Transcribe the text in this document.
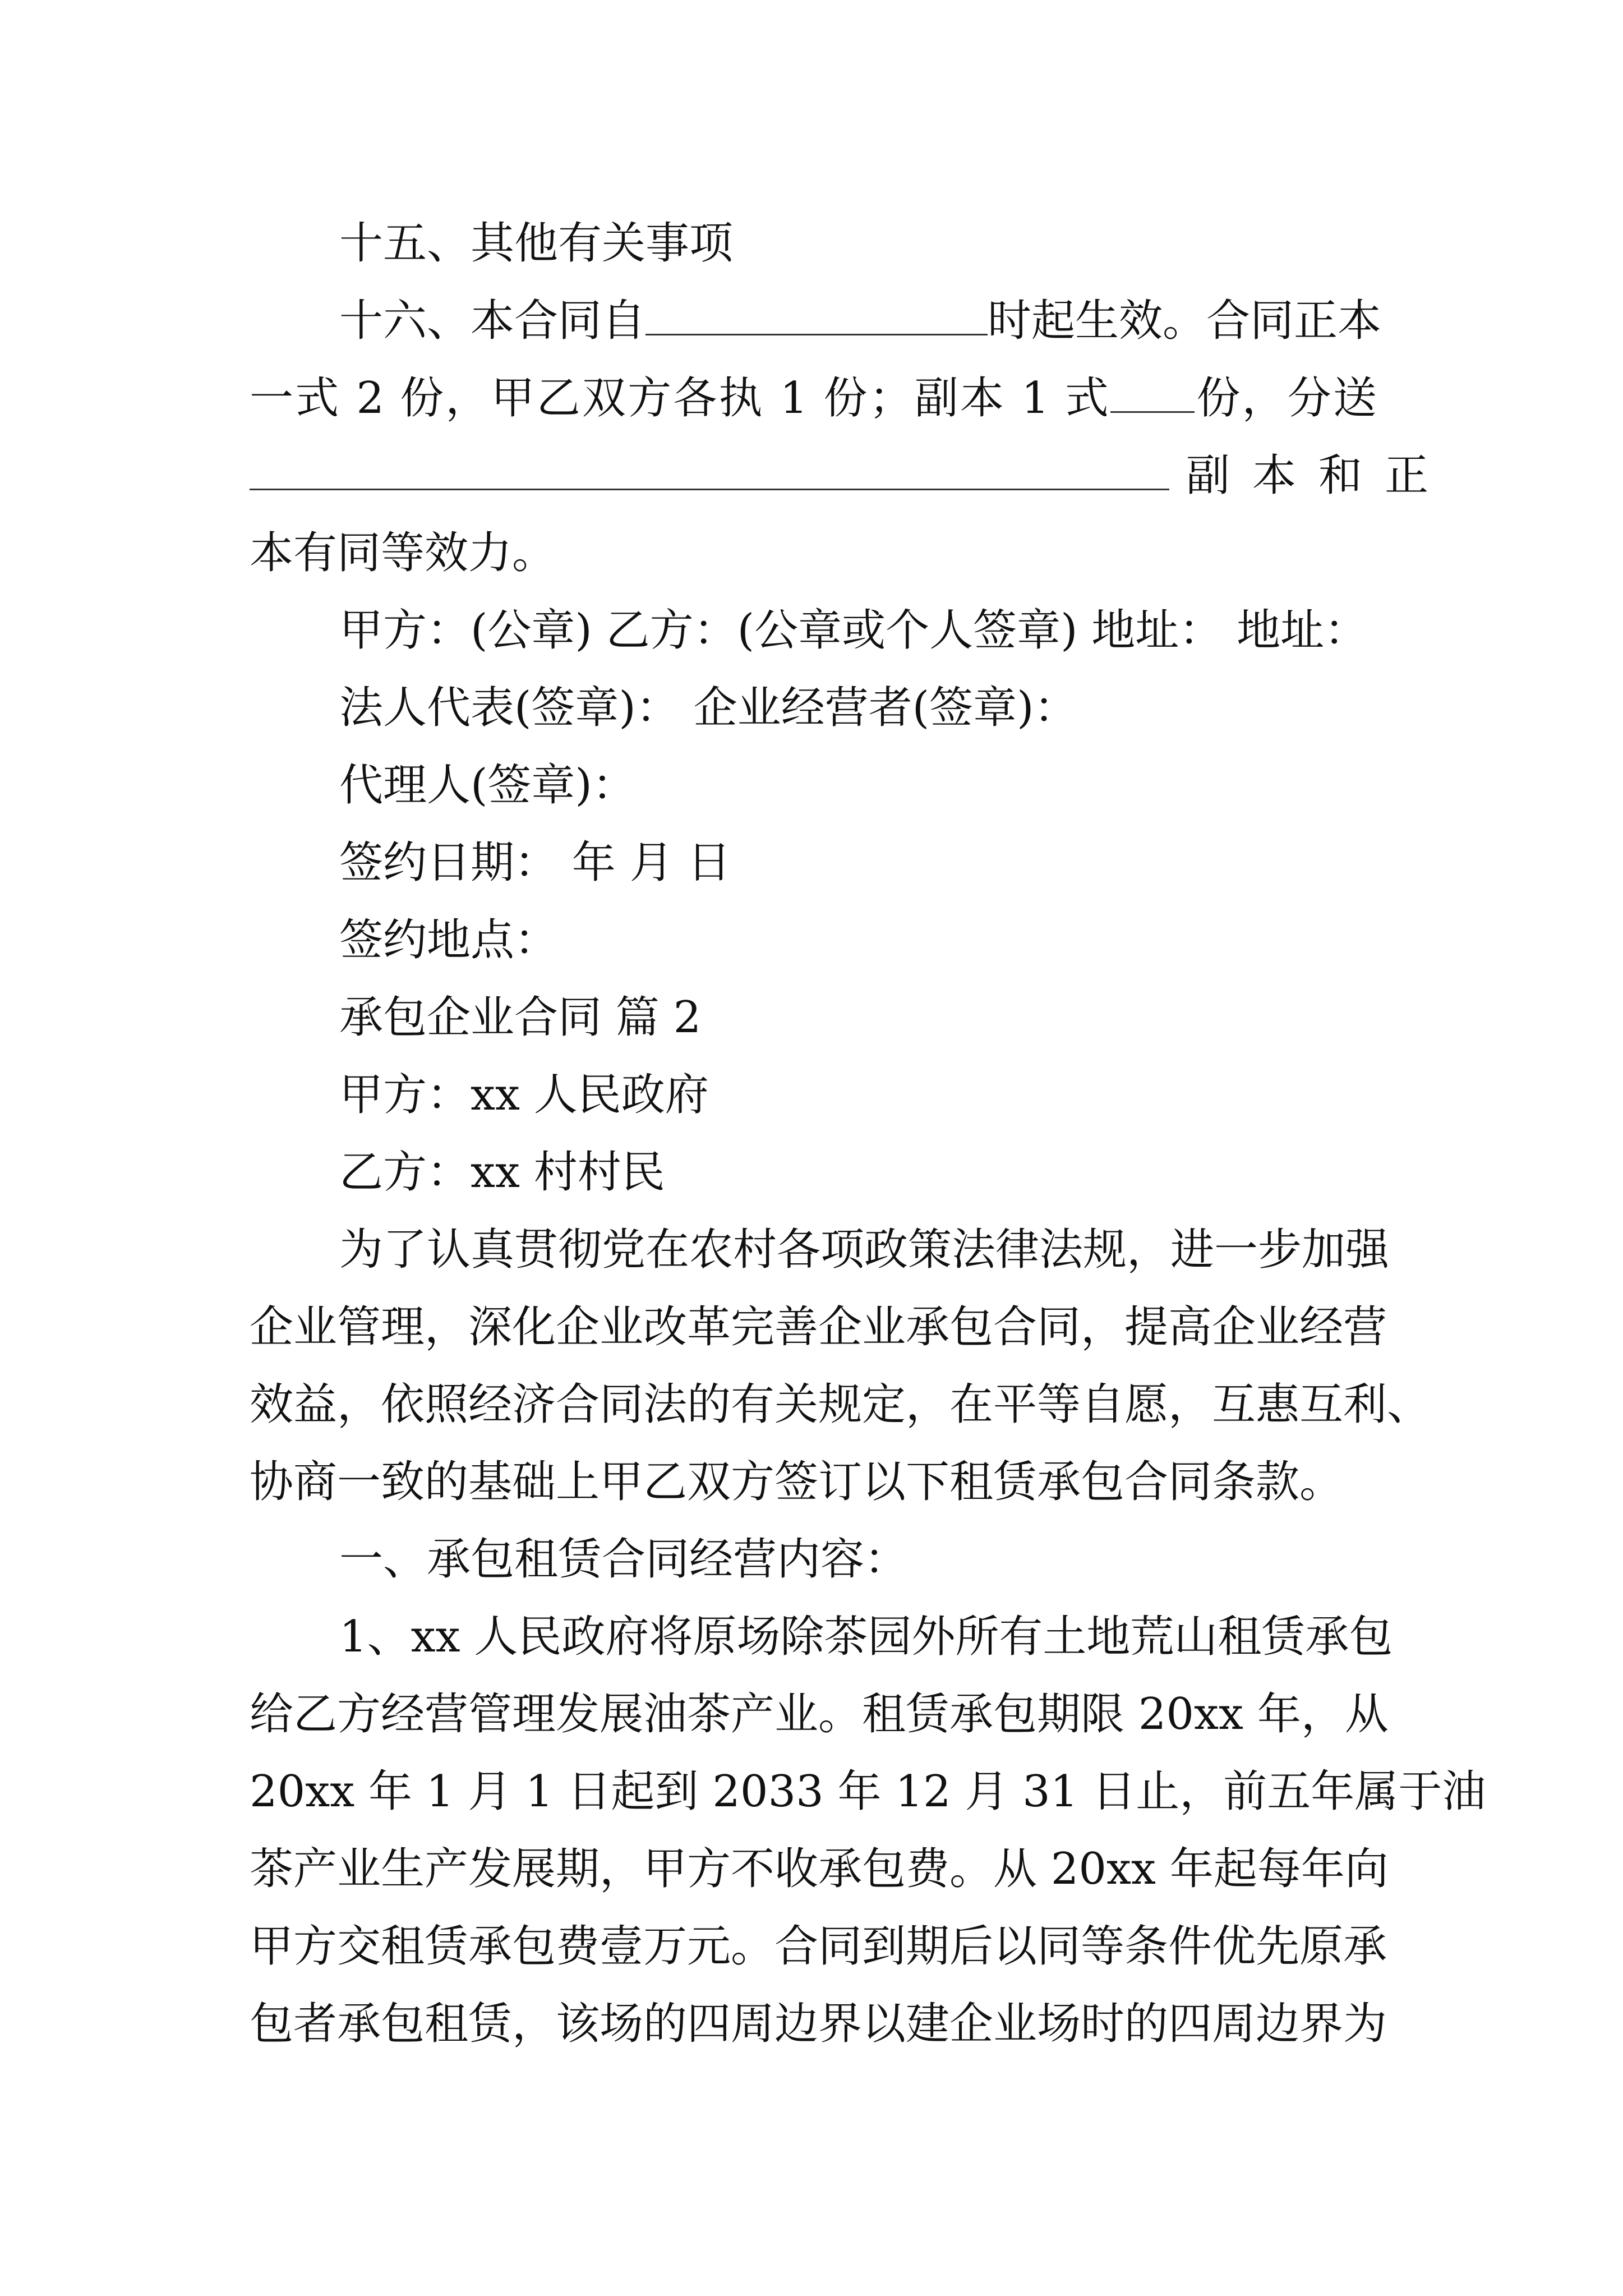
十五、其他有关事项
十六、本合同自	时起生效。合同正本
一式 2 份，甲乙双方各执 1 份；副本 1 式 份，分送
副本和正
本有同等效力。
甲方：(公章) 乙方：(公章或个人签章) 地址： 地址：
法人代表(签章)： 企业经营者(签章)：
代理人(签章)：
签约日期： 年 月 日
签约地点：
承包企业合同 篇 2
甲方：xx 人民政府
乙方：xx 村村民
为了认真贯彻党在农村各项政策法律法规，进一步加强
企业管理，深化企业改革完善企业承包合同，提高企业经营
效益，依照经济合同法的有关规定，在平等自愿，互惠互利、
协商一致的基础上甲乙双方签订以下租赁承包合同条款。
一、承包租赁合同经营内容：
1、xx 人民政府将原场除茶园外所有土地荒山租赁承包
给乙方经营管理发展油茶产业。租赁承包期限 20xx 年，从
20xx 年 1 月 1 日起到 2033 年 12 月 31 日止，前五年属于油
茶产业生产发展期，甲方不收承包费。从 20xx 年起每年向
甲方交租赁承包费壹万元。合同到期后以同等条件优先原承
包者承包租赁，该场的四周边界以建企业场时的四周边界为
